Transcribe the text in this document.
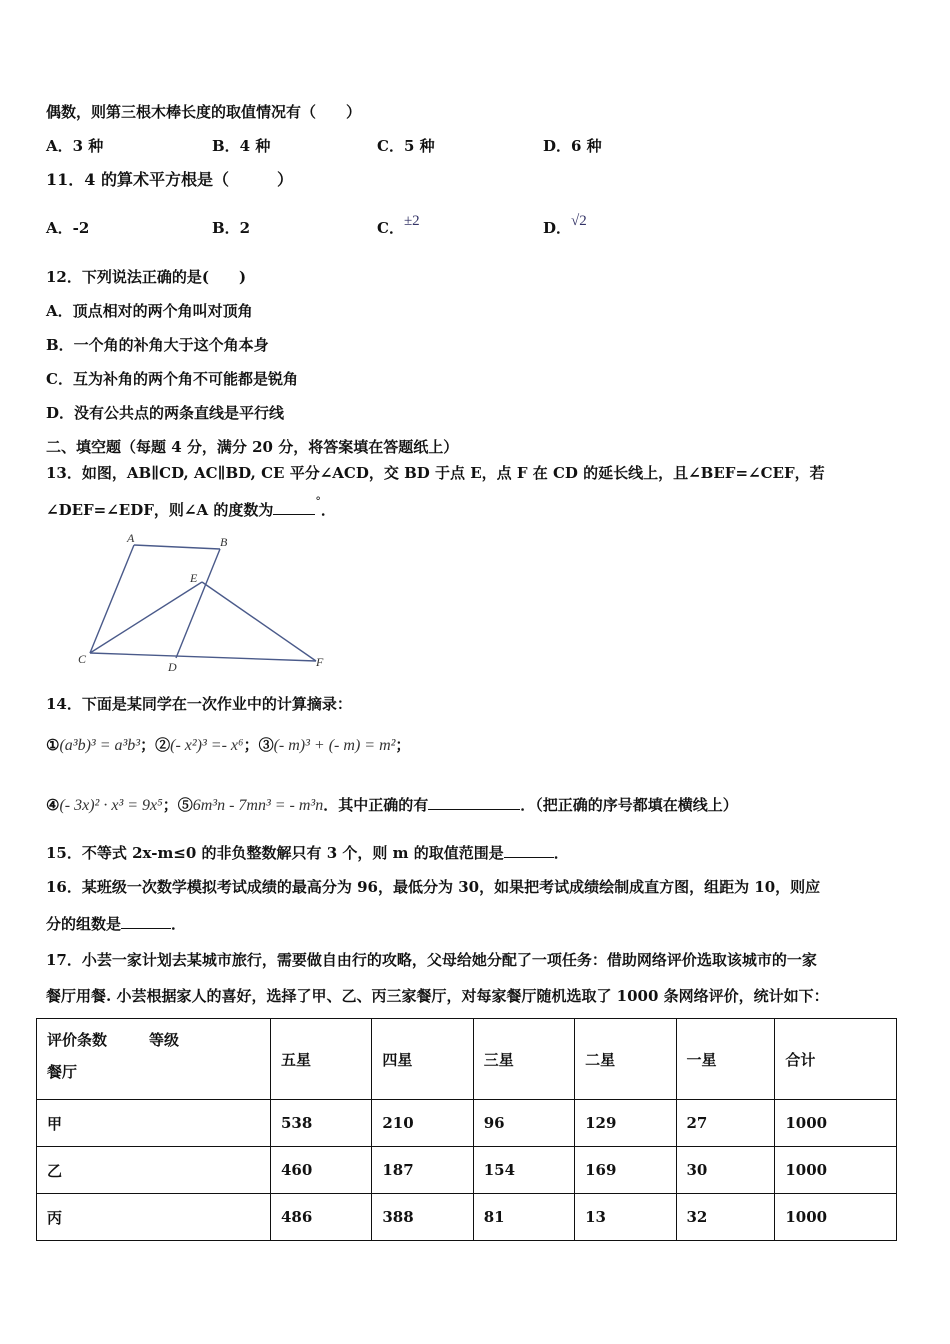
偶数，则第三根木棒长度的取值情况有（　　）
A．3 种	B．4 种	C．5 种	D．6 种
11．4 的算术平方根是（　　　）
A．-2	B．2	C．±2	D．√2
12．下列说法正确的是(　　)
A．顶点相对的两个角叫对顶角
B．一个角的补角大于这个角本身
C．互为补角的两个角不可能都是锐角
D．没有公共点的两条直线是平行线
二、填空题（每题 4 分，满分 20 分，将答案填在答题纸上）
13．如图，AB∥CD, AC∥BD, CE 平分∠ACD，交 BD 于点 E，点 F 在 CD 的延长线上，且∠BEF=∠CEF，若
∠DEF=∠EDF，则∠A 的度数为	°．
A	B
C
D
E
F
14．下面是某同学在一次作业中的计算摘录：
①(a³b)³ = a³b³；②(- x²)³ =- x⁶；③(- m)³ + (- m) = m²；
④(- 3x)² · x³ = 9x⁵；⑤6m³n - 7mn³ = - m³n．其中正确的有	．（把正确的序号都填在横线上）
15．不等式 2x-m≤0 的非负整数解只有 3 个，则 m 的取值范围是	．
16．某班级一次数学模拟考试成绩的最高分为 96，最低分为 30，如果把考试成绩绘制成直方图，组距为 10，则应
分的组数是	．
17．小芸一家计划去某城市旅行，需要做自由行的攻略，父母给她分配了一项任务：借助网络评价选取该城市的一家
餐厅用餐. 小芸根据家人的喜好，选择了甲、乙、丙三家餐厅，对每家餐厅随机选取了 1000 条网络评价，统计如下：
评价条数 等级
餐厅	五星	四星	三星	二星	一星	合计
甲	538	210	96	129	27	1000
乙	460	187	154	169	30	1000
丙	486	388	81	13	32	1000
